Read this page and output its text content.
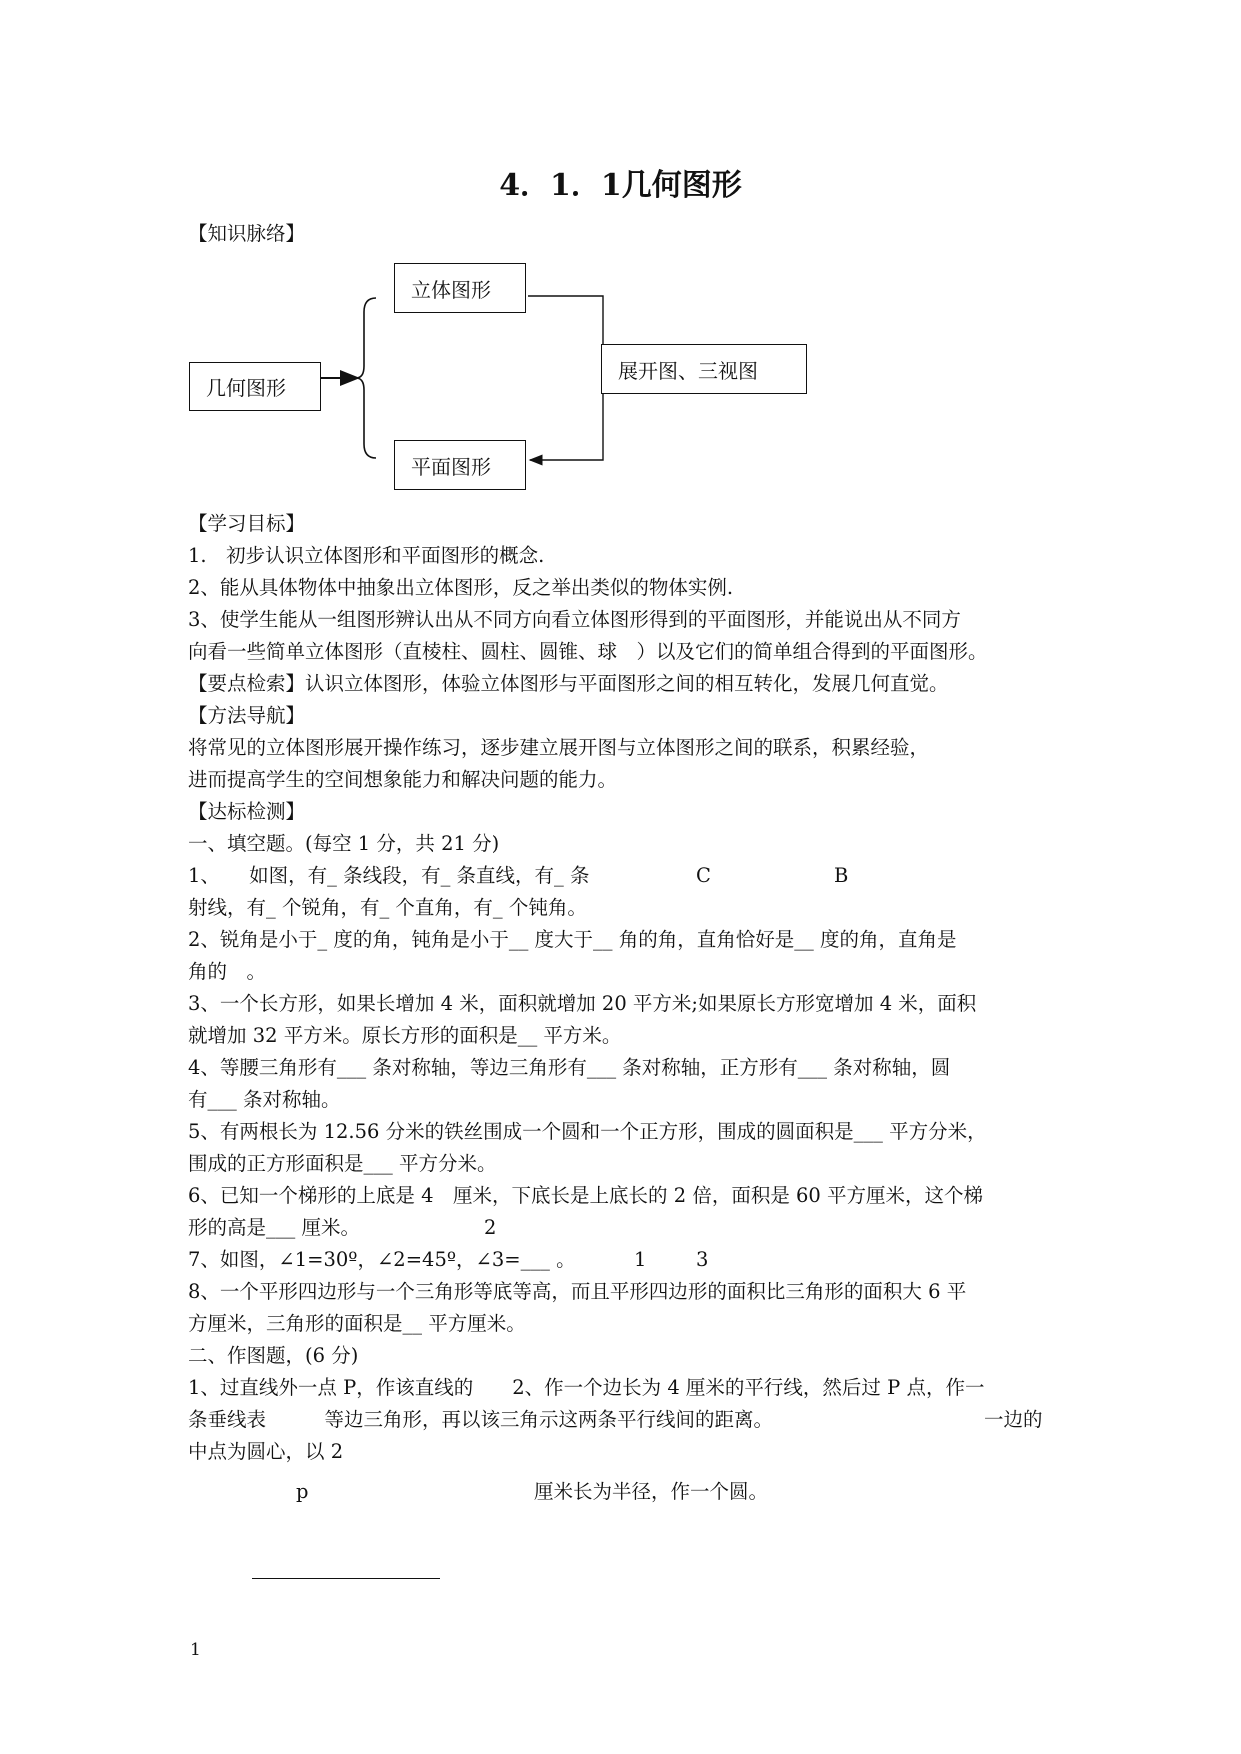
4．1．1几何图形
【知识脉络】
几何图形
立体图形
平面图形
展开图、三视图
【学习目标】
1.　初步认识立体图形和平面图形的概念.
2、能从具体物体中抽象出立体图形，反之举出类似的物体实例.
3、使学生能从一组图形辨认出从不同方向看立体图形得到的平面图形，并能说出从不同方
向看一些简单立体图形（直棱柱、圆柱、圆锥、球　）以及它们的简单组合得到的平面图形。
【要点检索】认识立体图形，体验立体图形与平面图形之间的相互转化，发展几何直觉。
【方法导航】
将常见的立体图形展开操作练习，逐步建立展开图与立体图形之间的联系，积累经验，
进而提高学生的空间想象能力和解决问题的能力。
【达标检测】
一、填空题。(每空 1 分，共 21 分)
1、　　如图，有_ 条线段，有_ 条直线，有_ 条	C	B
射线，有_ 个锐角，有_ 个直角，有_ 个钝角。
2、锐角是小于_ 度的角，钝角是小于__ 度大于__ 角的角，直角恰好是__ 度的角，直角是
角的　。
3、一个长方形，如果长增加 4 米，面积就增加 20 平方米;如果原长方形宽增加 4 米，面积
就增加 32 平方米。原长方形的面积是__ 平方米。
4、等腰三角形有___ 条对称轴，等边三角形有___ 条对称轴，正方形有___ 条对称轴，圆
有___ 条对称轴。
5、有两根长为 12.56 分米的铁丝围成一个圆和一个正方形，围成的圆面积是___ 平方分米，
围成的正方形面积是___ 平方分米。
6、已知一个梯形的上底是 4　厘米，下底长是上底长的 2 倍，面积是 60 平方厘米，这个梯
形的高是___ 厘米。	2
7、如图，∠1=30º，∠2=45º，∠3=___ 。	1	3
8、一个平形四边形与一个三角形等底等高，而且平形四边形的面积比三角形的面积大 6 平
方厘米，三角形的面积是__ 平方厘米。
二、作图题，(6 分)
1、过直线外一点 P，作该直线的　　2、作一个边长为 4 厘米的平行线，然后过 P 点，作一
条垂线表　　　等边三角形，再以该三角示这两条平行线间的距离。	一边的
中点为圆心，以 2
p	厘米长为半径，作一个圆。
1
